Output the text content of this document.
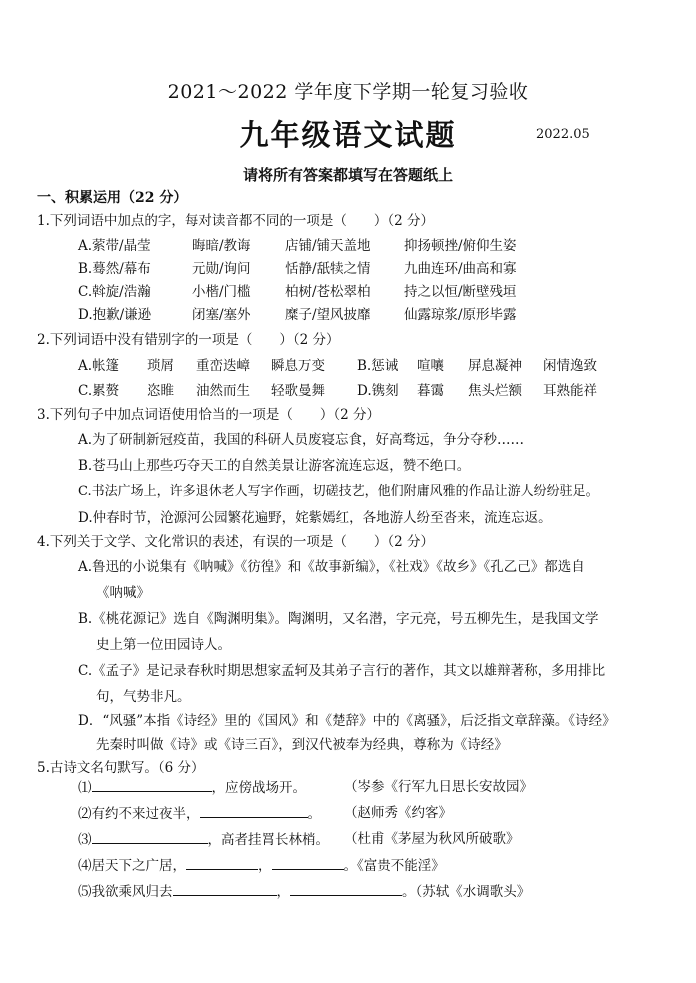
2021～2022 学年度下学期一轮复习验收
九年级语文试题	2022.05
请将所有答案都填写在答题纸上
一、积累运用（22 分）
1.下列词语中加点的字，每对读音都不同的一项是（　　）（2 分）
A.萦带/晶莹	晦暗/教诲	店铺/铺天盖地 抑扬顿挫/俯仰生姿
B.蓦然/幕布	元勋/询问	恬静/舐犊之情 九曲连环/曲高和寡
C.斡旋/浩瀚	小楷/门槛	柏树/苍松翠柏 持之以恒/断壁残垣
D.抱歉/谦逊	闭塞/塞外	糜子/望风披靡 仙露琼浆/原形毕露
2.下列词语中没有错别字的一项是（　　）（2 分）
A.帐篷 琐屑 重峦迭嶂 瞬息万变 B.惩诫 喧嚷 屏息凝神 闲情逸致
C.累赘 恣睢 油然而生 轻歌曼舞 D.镌刻 暮霭 焦头烂额 耳熟能祥
3.下列句子中加点词语使用恰当的一项是（　　）（2 分）
A.为了研制新冠疫苗，我国的科研人员废寝忘食，好高骛远，争分夺秒……
B.苍马山上那些巧夺天工的自然美景让游客流连忘返，赞不绝口。
C.书法广场上，许多退休老人写字作画，切磋技艺，他们附庸风雅的作品让游人纷纷驻足。
D.仲春时节，沧源河公园繁花遍野，姹紫嫣红，各地游人纷至沓来，流连忘返。
4.下列关于文学、文化常识的表述，有误的一项是（　　）（2 分）
A.鲁迅的小说集有《呐喊》《彷徨》和《故事新编》，《社戏》《故乡》《孔乙己》都选自
《呐喊》
B.《桃花源记》选自《陶渊明集》。陶渊明，又名潜，字元亮，号五柳先生，是我国文学
史上第一位田园诗人。
C.《孟子》是记录春秋时期思想家孟轲及其弟子言行的著作，其文以雄辩著称，多用排比
句，气势非凡。
D．“风骚”本指《诗经》里的《国风》和《楚辞》中的《离骚》，后泛指文章辞藻。《诗经》
先秦时叫做《诗》或《诗三百》，到汉代被奉为经典，尊称为《诗经》
5.古诗文名句默写。（6 分）
⑴	，应傍战场开。	（岑参《行军九日思长安故园》
⑵有约不来过夜半，	。 （赵师秀《约客》
⑶	，高者挂罥长林梢。 （杜甫《茅屋为秋风所破歌》
⑷居天下之广居，	，	。《富贵不能淫》
⑸我欲乘风归去	，	。（苏轼《水调歌头》
